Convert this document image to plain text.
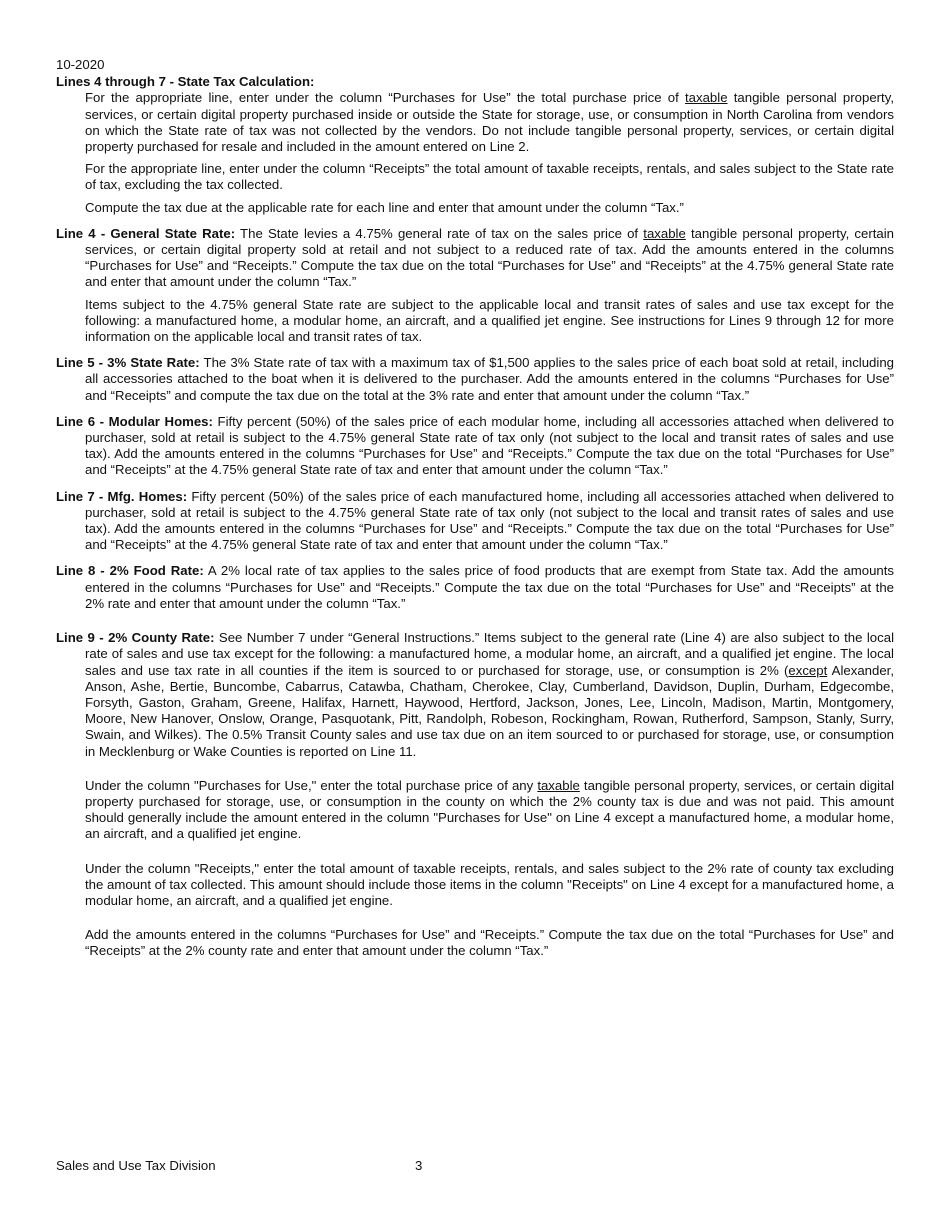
10-2020

Lines 4 through 7 - State Tax Calculation:

For the appropriate line, enter under the column “Purchases for Use” the total purchase price of taxable tangible personal property, services, or certain digital property purchased inside or outside the State for storage, use, or consumption in North Carolina from vendors on which the State rate of tax was not collected by the vendors. Do not include tangible personal property, services, or certain digital property purchased for resale and included in the amount entered on Line 2.

For the appropriate line, enter under the column “Receipts” the total amount of taxable receipts, rentals, and sales subject to the State rate of tax, excluding the tax collected.

Compute the tax due at the applicable rate for each line and enter that amount under the column “Tax.”

Line 4 - General State Rate: The State levies a 4.75% general rate of tax on the sales price of taxable tangible personal property, certain services, or certain digital property sold at retail and not subject to a reduced rate of tax. Add the amounts entered in the columns “Purchases for Use” and “Receipts.” Compute the tax due on the total “Purchases for Use” and “Receipts” at the 4.75% general State rate and enter that amount under the column “Tax.”

Items subject to the 4.75% general State rate are subject to the applicable local and transit rates of sales and use tax except for the following: a manufactured home, a modular home, an aircraft, and a qualified jet engine. See instructions for Lines 9 through 12 for more information on the applicable local and transit rates of tax.

Line 5 - 3% State Rate: The 3% State rate of tax with a maximum tax of $1,500 applies to the sales price of each boat sold at retail, including all accessories attached to the boat when it is delivered to the purchaser. Add the amounts entered in the columns “Purchases for Use” and “Receipts” and compute the tax due on the total at the 3% rate and enter that amount under the column “Tax.”

Line 6 - Modular Homes: Fifty percent (50%) of the sales price of each modular home, including all accessories attached when delivered to purchaser, sold at retail is subject to the 4.75% general State rate of tax only (not subject to the local and transit rates of sales and use tax). Add the amounts entered in the columns “Purchases for Use” and “Receipts.” Compute the tax due on the total “Purchases for Use” and “Receipts” at the 4.75% general State rate of tax and enter that amount under the column “Tax.”

Line 7 - Mfg. Homes: Fifty percent (50%) of the sales price of each manufactured home, including all accessories attached when delivered to purchaser, sold at retail is subject to the 4.75% general State rate of tax only (not subject to the local and transit rates of sales and use tax). Add the amounts entered in the columns “Purchases for Use” and “Receipts.” Compute the tax due on the total “Purchases for Use” and “Receipts” at the 4.75% general State rate of tax and enter that amount under the column “Tax.”

Line 8 - 2% Food Rate: A 2% local rate of tax applies to the sales price of food products that are exempt from State tax. Add the amounts entered in the columns “Purchases for Use” and “Receipts.” Compute the tax due on the total “Purchases for Use” and “Receipts” at the 2% rate and enter that amount under the column “Tax.”

Line 9 - 2% County Rate: See Number 7 under “General Instructions.” Items subject to the general rate (Line 4) are also subject to the local rate of sales and use tax except for the following: a manufactured home, a modular home, an aircraft, and a qualified jet engine. The local sales and use tax rate in all counties if the item is sourced to or purchased for storage, use, or consumption is 2% (except Alexander, Anson, Ashe, Bertie, Buncombe, Cabarrus, Catawba, Chatham, Cherokee, Clay, Cumberland, Davidson, Duplin, Durham, Edgecombe, Forsyth, Gaston, Graham, Greene, Halifax, Harnett, Haywood, Hertford, Jackson, Jones, Lee, Lincoln, Madison, Martin, Montgomery, Moore, New Hanover, Onslow, Orange, Pasquotank, Pitt, Randolph, Robeson, Rockingham, Rowan, Rutherford, Sampson, Stanly, Surry, Swain, and Wilkes). The 0.5% Transit County sales and use tax due on an item sourced to or purchased for storage, use, or consumption in Mecklenburg or Wake Counties is reported on Line 11.

Under the column "Purchases for Use," enter the total purchase price of any taxable tangible personal property, services, or certain digital property purchased for storage, use, or consumption in the county on which the 2% county tax is due and was not paid. This amount should generally include the amount entered in the column "Purchases for Use" on Line 4 except a manufactured home, a modular home, an aircraft, and a qualified jet engine.

Under the column "Receipts," enter the total amount of taxable receipts, rentals, and sales subject to the 2% rate of county tax excluding the amount of tax collected. This amount should include those items in the column "Receipts" on Line 4 except for a manufactured home, a modular home, an aircraft, and a qualified jet engine.

Add the amounts entered in the columns “Purchases for Use” and “Receipts.” Compute the tax due on the total “Purchases for Use” and “Receipts” at the 2% county rate and enter that amount under the column “Tax.”

Sales and Use Tax Division	3
